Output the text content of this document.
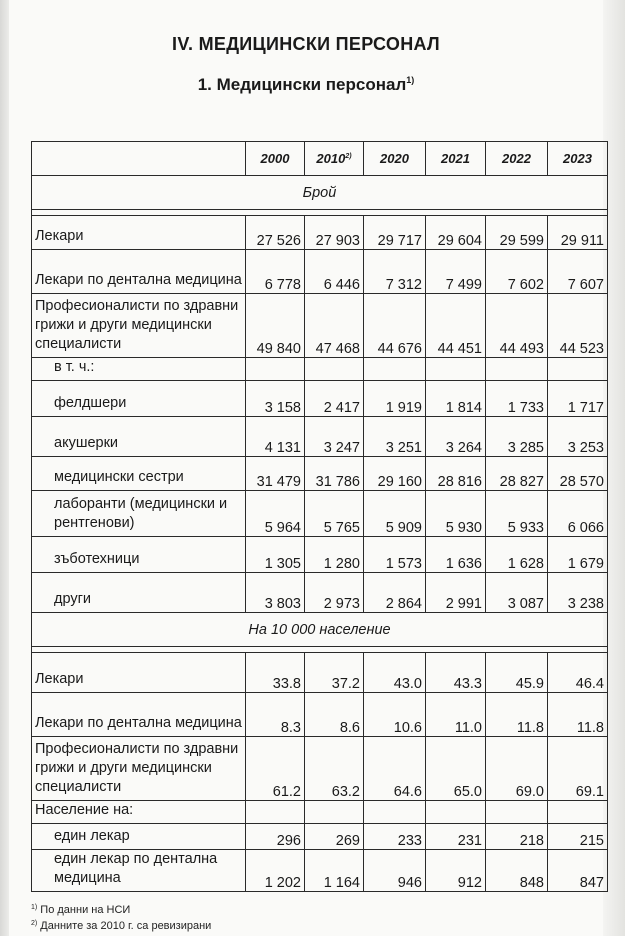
IV. МЕДИЦИНСКИ ПЕРСОНАЛ
1. Медицински персонал$^{1)}$
	2000	2010$^{2)}$	2020	2021	2022	2023
Брой						

Лекари	27 526	27 903	29 717	29 604	29 599	29 911
Лекари по дентална медицина	6 778	6 446	7 312	7 499	7 602	7 607
Професионалисти по здравни грижи и други медицински специалисти	49 840	47 468	44 676	44 451	44 493	44 523
в т. ч.:						
фелдшери	3 158	2 417	1 919	1 814	1 733	1 717
акушерки	4 131	3 247	3 251	3 264	3 285	3 253
медицински сестри	31 479	31 786	29 160	28 816	28 827	28 570
лаборанти (медицински и рентгенови)	5 964	5 765	5 909	5 930	5 933	6 066
зъботехници	1 305	1 280	1 573	1 636	1 628	1 679
други	3 803	2 973	2 864	2 991	3 087	3 238
На 10 000 население						

Лекари	33.8	37.2	43.0	43.3	45.9	46.4
Лекари по дентална медицина	8.3	8.6	10.6	11.0	11.8	11.8
Професионалисти по здравни грижи и други медицински специалисти	61.2	63.2	64.6	65.0	69.0	69.1
Население на:						
един лекар	296	269	233	231	218	215
един лекар по дентална медицина	1 202	1 164	946	912	848	847
$^{1)}$ По данни на НСИ
$^{2)}$ Данните за 2010 г. са ревизирани
